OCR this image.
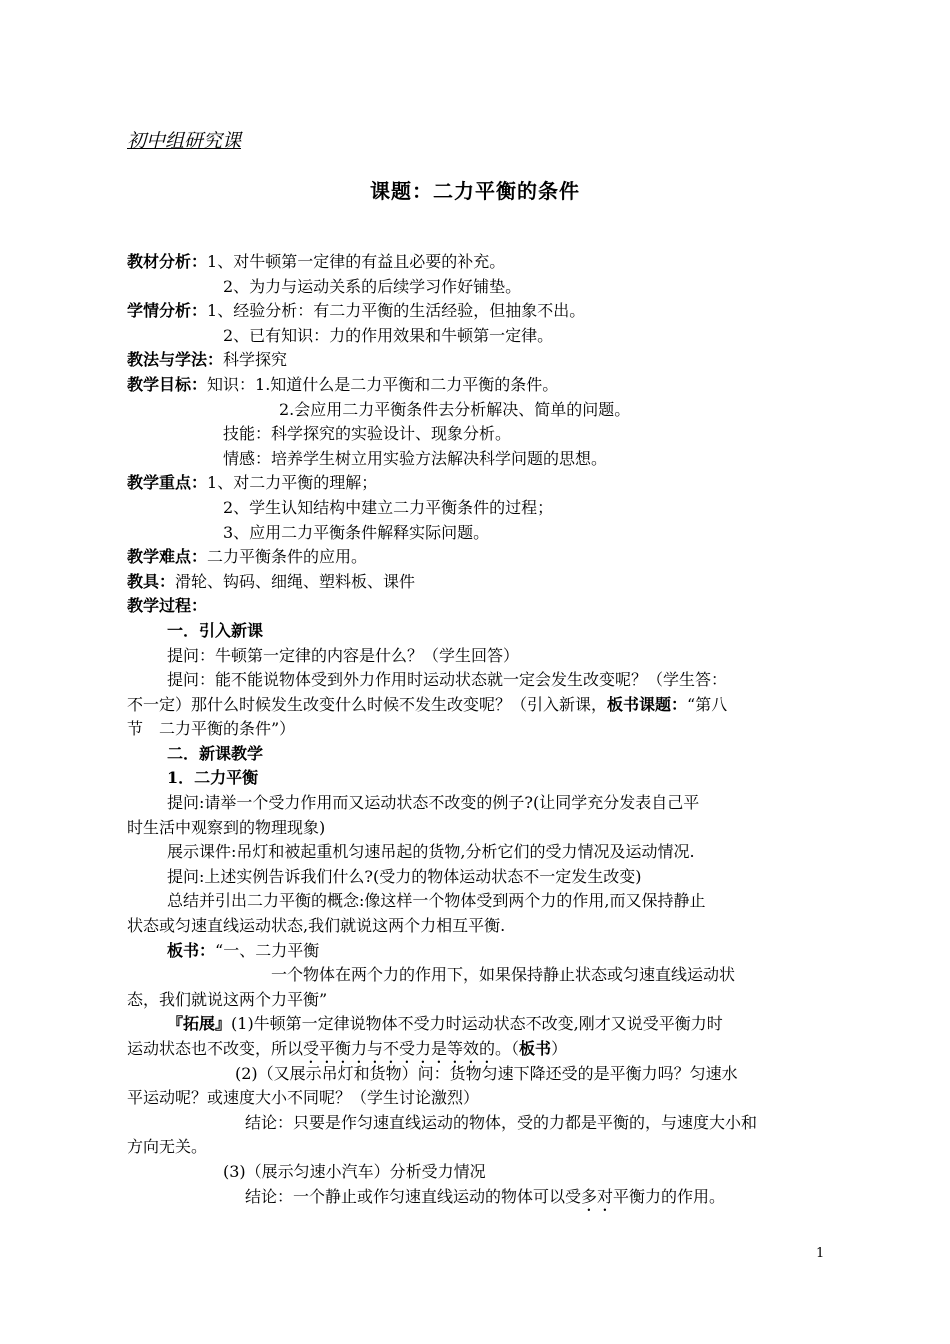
初中组研究课
课题：二力平衡的条件
教材分析：1、对牛顿第一定律的有益且必要的补充。
2、为力与运动关系的后续学习作好铺垫。
学情分析：1、经验分析：有二力平衡的生活经验，但抽象不出。
2、已有知识：力的作用效果和牛顿第一定律。
教法与学法：科学探究
教学目标：知识：1.知道什么是二力平衡和二力平衡的条件。
2.会应用二力平衡条件去分析解决、简单的问题。
技能：科学探究的实验设计、现象分析。
情感：培养学生树立用实验方法解决科学问题的思想。
教学重点：1、对二力平衡的理解；
2、学生认知结构中建立二力平衡条件的过程；
3、应用二力平衡条件解释实际问题。
教学难点：二力平衡条件的应用。
教具：滑轮、钩码、细绳、塑料板、课件
教学过程：
一．引入新课
提问：牛顿第一定律的内容是什么？（学生回答）
提问：能不能说物体受到外力作用时运动状态就一定会发生改变呢？（学生答：
不一定）那什么时候发生改变什么时候不发生改变呢？（引入新课，板书课题：“第八
节　二力平衡的条件”）
二．新课教学
1．二力平衡
提问:请举一个受力作用而又运动状态不改变的例子?(让同学充分发表自己平
时生活中观察到的物理现象)
展示课件:吊灯和被起重机匀速吊起的货物,分析它们的受力情况及运动情况.
提问:上述实例告诉我们什么?(受力的物体运动状态不一定发生改变)
总结并引出二力平衡的概念:像这样一个物体受到两个力的作用,而又保持静止
状态或匀速直线运动状态,我们就说这两个力相互平衡.
板书：“一、二力平衡
一个物体在两个力的作用下，如果保持静止状态或匀速直线运动状
态，我们就说这两个力平衡”
『拓展』(1)牛顿第一定律说物体不受力时运动状态不改变,刚才又说受平衡力时
运动状态也不改变，所以受平衡力与不受力是等效的。（板书）
(2)（又展示吊灯和货物）问：货物匀速下降还受的是平衡力吗？匀速水
平运动呢？或速度大小不同呢？（学生讨论激烈）
结论：只要是作匀速直线运动的物体，受的力都是平衡的，与速度大小和
方向无关。
(3)（展示匀速小汽车）分析受力情况
结论：一个静止或作匀速直线运动的物体可以受多对平衡力的作用。
1
